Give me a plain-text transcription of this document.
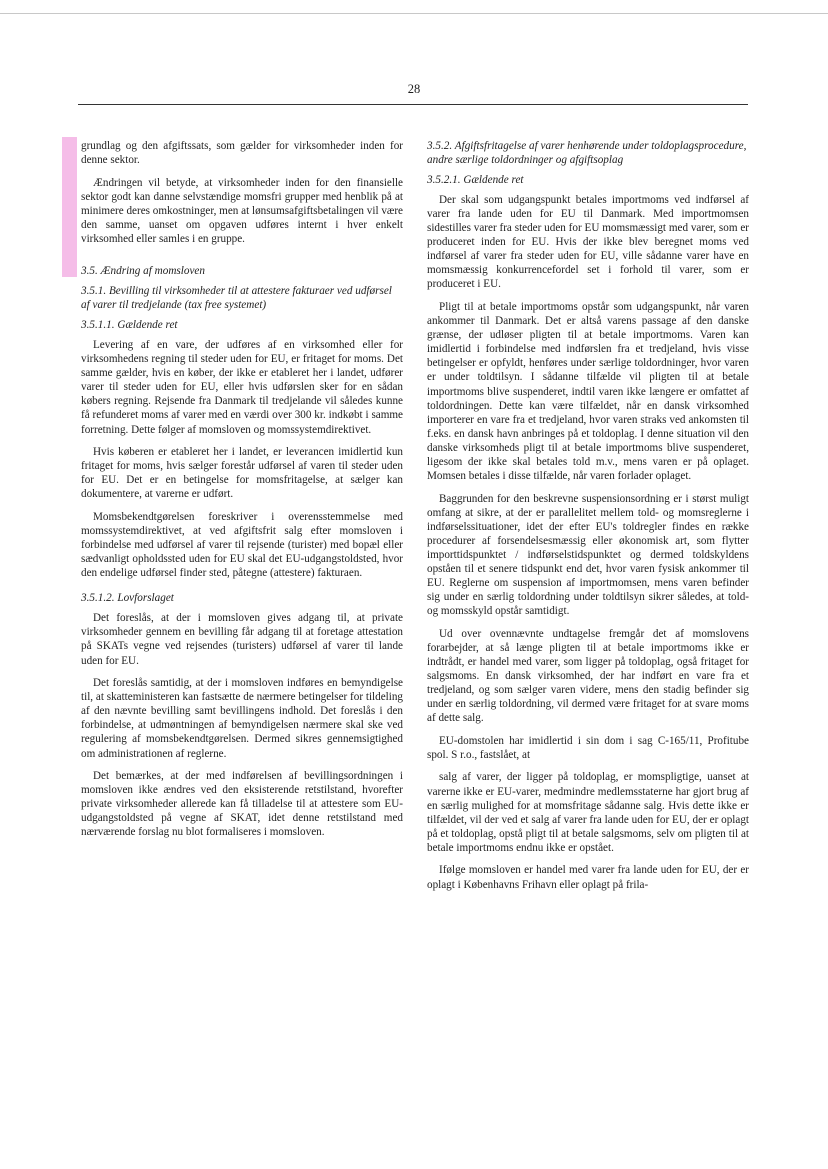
28

grundlag og den afgiftssats, som gælder for virksomheder inden for denne sektor.

Ændringen vil betyde, at virksomheder inden for den finansielle sektor godt kan danne selvstændige momsfri grupper med henblik på at minimere deres omkostninger, men at lønsumsafgiftsbetalingen vil være den samme, uanset om opgaven udføres internt i hver enkelt virksomhed eller samles i en gruppe.

3.5. Ændring af momsloven
3.5.1. Bevilling til virksomheder til at attestere fakturaer ved udførsel af varer til tredjelande (tax free systemet)
3.5.1.1. Gældende ret

Levering af en vare, der udføres af en virksomhed eller for virksomhedens regning til steder uden for EU, er fritaget for moms. Det samme gælder, hvis en køber, der ikke er etableret her i landet, udfører varer til steder uden for EU, eller hvis udførslen sker for en sådan købers regning. Rejsende fra Danmark til tredjelande vil således kunne få refunderet moms af varer med en værdi over 300 kr. indkøbt i samme forretning. Dette følger af momsloven og momssystemdirektivet.

Hvis køberen er etableret her i landet, er leverancen imidlertid kun fritaget for moms, hvis sælger forestår udførsel af varen til steder uden for EU. Det er en betingelse for momsfritagelse, at sælger kan dokumentere, at varerne er udført.

Momsbekendtgørelsen foreskriver i overensstemmelse med momssystemdirektivet, at ved afgiftsfrit salg efter momsloven i forbindelse med udførsel af varer til rejsende (turister) med bopæl eller sædvanligt opholdssted uden for EU skal det EU-udgangstoldsted, hvor den endelige udførsel finder sted, påtegne (attestere) fakturaen.

3.5.1.2. Lovforslaget

Det foreslås, at der i momsloven gives adgang til, at private virksomheder gennem en bevilling får adgang til at foretage attestation på SKATs vegne ved rejsendes (turisters) udførsel af varer til lande uden for EU.

Det foreslås samtidig, at der i momsloven indføres en bemyndigelse til, at skatteministeren kan fastsætte de nærmere betingelser for tildeling af den nævnte bevilling samt bevillingens indhold. Det foreslås i den forbindelse, at udmøntningen af bemyndigelsen nærmere skal ske ved regulering af momsbekendtgørelsen. Dermed sikres gennemsigtighed om administrationen af reglerne.

Det bemærkes, at der med indførelsen af bevillingsordningen i momsloven ikke ændres ved den eksisterende retstilstand, hvorefter private virksomheder allerede kan få tilladelse til at attestere som EU-udgangstoldsted på vegne af SKAT, idet denne retstilstand med nærværende forslag nu blot formaliseres i momsloven.

3.5.2. Afgiftsfritagelse af varer henhørende under toldoplagsprocedure, andre særlige toldordninger og afgiftsoplag
3.5.2.1. Gældende ret

Der skal som udgangspunkt betales importmoms ved indførsel af varer fra lande uden for EU til Danmark. Med importmomsen sidestilles varer fra steder uden for EU momsmæssigt med varer, som er produceret inden for EU. Hvis der ikke blev beregnet moms ved indførsel af varer fra steder uden for EU, ville sådanne varer have en momsmæssig konkurrencefordel set i forhold til varer, som er produceret i EU.

Pligt til at betale importmoms opstår som udgangspunkt, når varen ankommer til Danmark. Det er altså varens passage af den danske grænse, der udløser pligten til at betale importmoms. Varen kan imidlertid i forbindelse med indførslen fra et tredjeland, hvis visse betingelser er opfyldt, henføres under særlige toldordninger, hvor varen er under toldtilsyn. I sådanne tilfælde vil pligten til at betale importmoms blive suspenderet, indtil varen ikke længere er omfattet af toldordningen. Dette kan være tilfældet, når en dansk virksomhed importerer en vare fra et tredjeland, hvor varen straks ved ankomsten til f.eks. en dansk havn anbringes på et toldoplag. I denne situation vil den danske virksomheds pligt til at betale importmoms blive suspenderet, ligesom der ikke skal betales told m.v., mens varen er på oplaget. Momsen betales i disse tilfælde, når varen forlader oplaget.

Baggrunden for den beskrevne suspensionsordning er i størst muligt omfang at sikre, at der er parallelitet mellem told- og momsreglerne i indførselssituationer, idet der efter EU's toldregler findes en række procedurer af forsendelsesmæssig eller økonomisk art, som flytter importtidspunktet / indførselstidspunktet og dermed toldskyldens opståen til et senere tidspunkt end det, hvor varen fysisk ankommer til EU. Reglerne om suspension af importmomsen, mens varen befinder sig under en særlig toldordning under toldtilsyn sikrer således, at told- og momsskyld opstår samtidigt.

Ud over ovennævnte undtagelse fremgår det af momslovens forarbejder, at så længe pligten til at betale importmoms ikke er indtrådt, er handel med varer, som ligger på toldoplag, også fritaget for salgsmoms. En dansk virksomhed, der har indført en vare fra et tredjeland, og som sælger varen videre, mens den stadig befinder sig under en særlig toldordning, vil dermed være fritaget for at svare moms af dette salg.

EU-domstolen har imidlertid i sin dom i sag C-165/11, Profitube spol. S r.o., fastslået, at

salg af varer, der ligger på toldoplag, er momspligtige, uanset at varerne ikke er EU-varer, medmindre medlemsstaterne har gjort brug af en særlig mulighed for at momsfritage sådanne salg. Hvis dette ikke er tilfældet, vil der ved et salg af varer fra lande uden for EU, der er oplagt på et toldoplag, opstå pligt til at betale salgsmoms, selv om pligten til at betale importmoms endnu ikke er opstået.

Ifølge momsloven er handel med varer fra lande uden for EU, der er oplagt i Københavns Frihavn eller oplagt på frila-
